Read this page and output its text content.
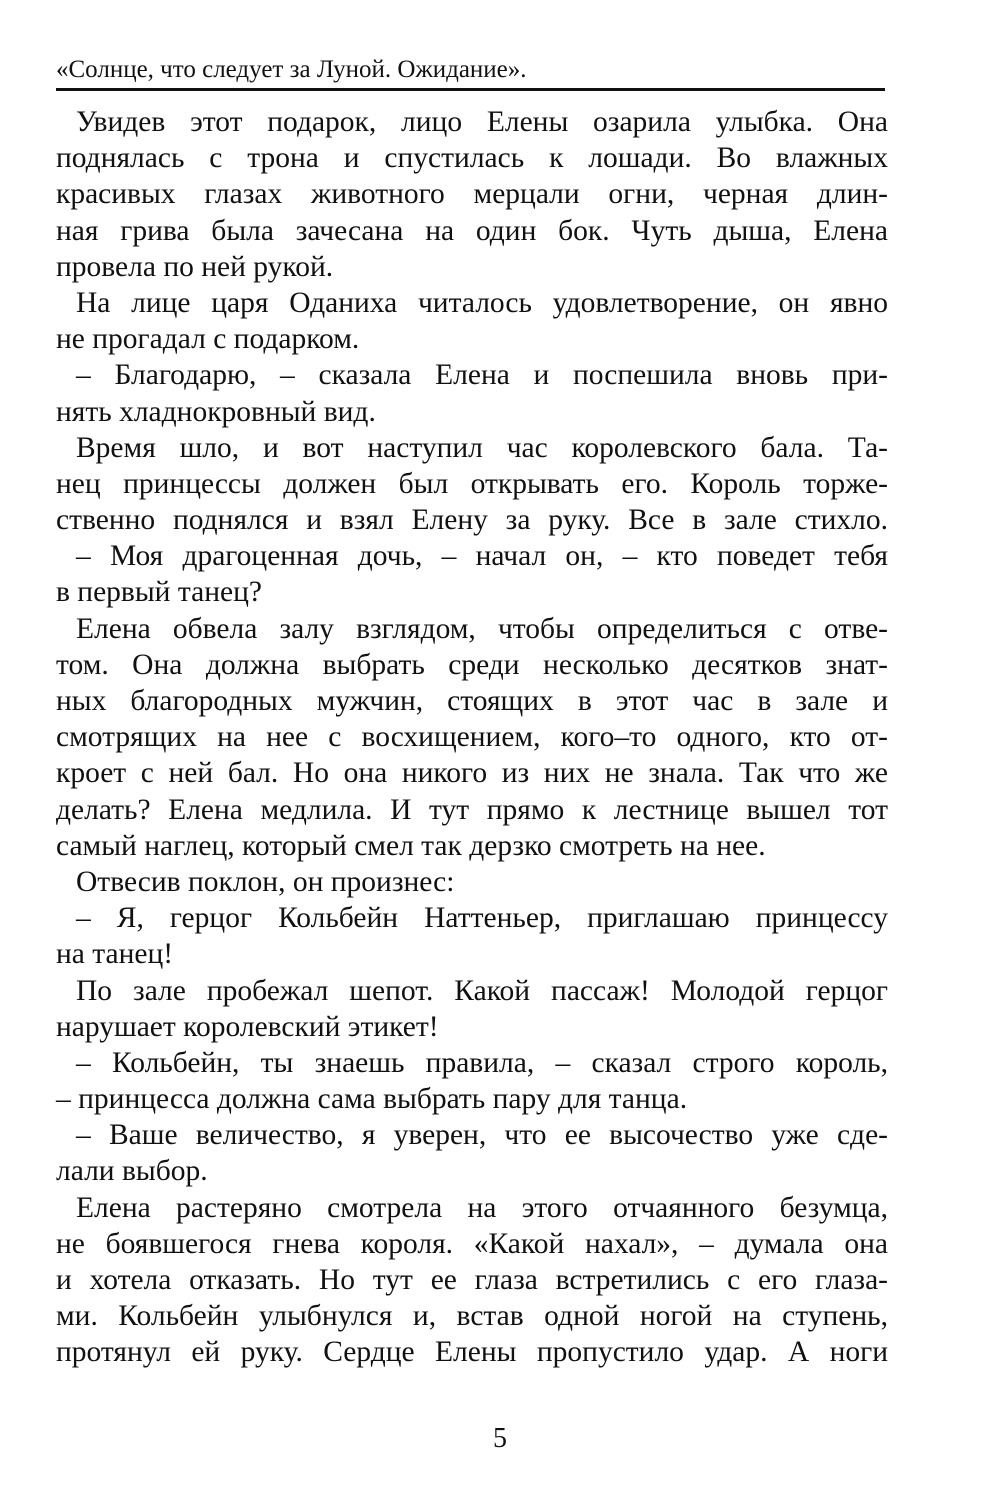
«Солнце, что следует за Луной. Ожидание».
Увидев этот подарок, лицо Елены озарила улыбка. Она
поднялась с трона и спустилась к лошади. Во влажных
красивых глазах животного мерцали огни, черная длин-
ная грива была зачесана на один бок. Чуть дыша, Елена
провела по ней рукой.
На лице царя Оданиха читалось удовлетворение, он явно
не прогадал с подарком.
– Благодарю, – сказала Елена и поспешила вновь при-
нять хладнокровный вид.
Время шло, и вот наступил час королевского бала. Та-
нец принцессы должен был открывать его. Король торже-
ственно поднялся и взял Елену за руку. Все в зале стихло.
– Моя драгоценная дочь, – начал он, – кто поведет тебя
в первый танец?
Елена обвела залу взглядом, чтобы определиться с отве-
том. Она должна выбрать среди несколько десятков знат-
ных благородных мужчин, стоящих в этот час в зале и
смотрящих на нее с восхищением, кого–то одного, кто от-
кроет с ней бал. Но она никого из них не знала. Так что же
делать? Елена медлила. И тут прямо к лестнице вышел тот
самый наглец, который смел так дерзко смотреть на нее.
Отвесив поклон, он произнес:
– Я, герцог Кольбейн Наттеньер, приглашаю принцессу
на танец!
По зале пробежал шепот. Какой пассаж! Молодой герцог
нарушает королевский этикет!
– Кольбейн, ты знаешь правила, – сказал строго король,
– принцесса должна сама выбрать пару для танца.
– Ваше величество, я уверен, что ее высочество уже сде-
лали выбор.
Елена растеряно смотрела на этого отчаянного безумца,
не боявшегося гнева короля. «Какой нахал», – думала она
и хотела отказать. Но тут ее глаза встретились с его глаза-
ми. Кольбейн улыбнулся и, встав одной ногой на ступень,
протянул ей руку. Сердце Елены пропустило удар. А ноги
5
